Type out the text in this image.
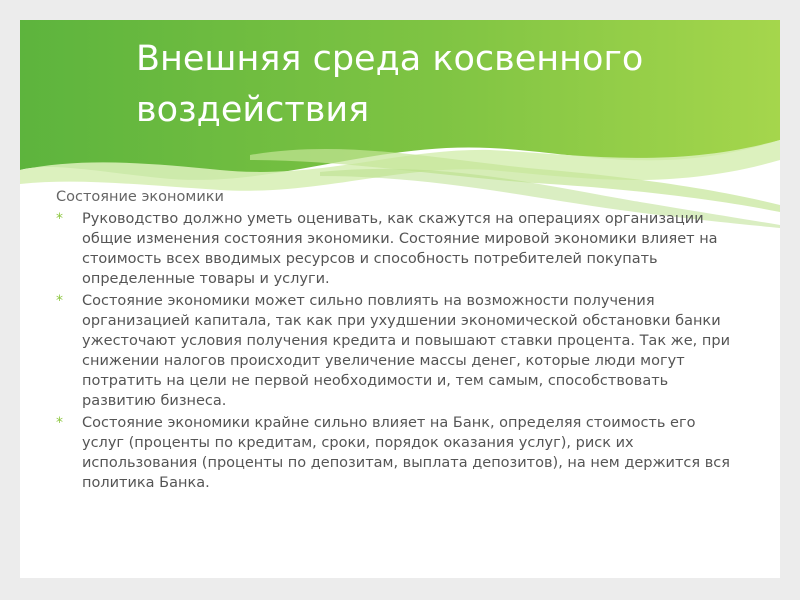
Внешняя среда косвенного воздействия

Состояние экономики

* Руководство должно уметь оценивать, как скажутся на операциях организации общие изменения состояния экономики. Состояние мировой экономики влияет на стоимость всех вводимых ресурсов и способность потребителей покупать определенные товары и услуги.
* Состояние экономики может сильно повлиять на возможности получения организацией капитала, так как при ухудшении экономической обстановки банки ужесточают условия получения кредита и повышают ставки процента. Так же, при снижении налогов происходит увеличение массы денег, которые люди могут потратить на цели не первой необходимости и, тем самым, способствовать развитию бизнеса.
* Состояние экономики крайне сильно влияет на Банк, определяя стоимость его услуг (проценты по кредитам, сроки, порядок оказания услуг), риск их использования (проценты по депозитам, выплата депозитов), на нем держится вся политика Банка.
